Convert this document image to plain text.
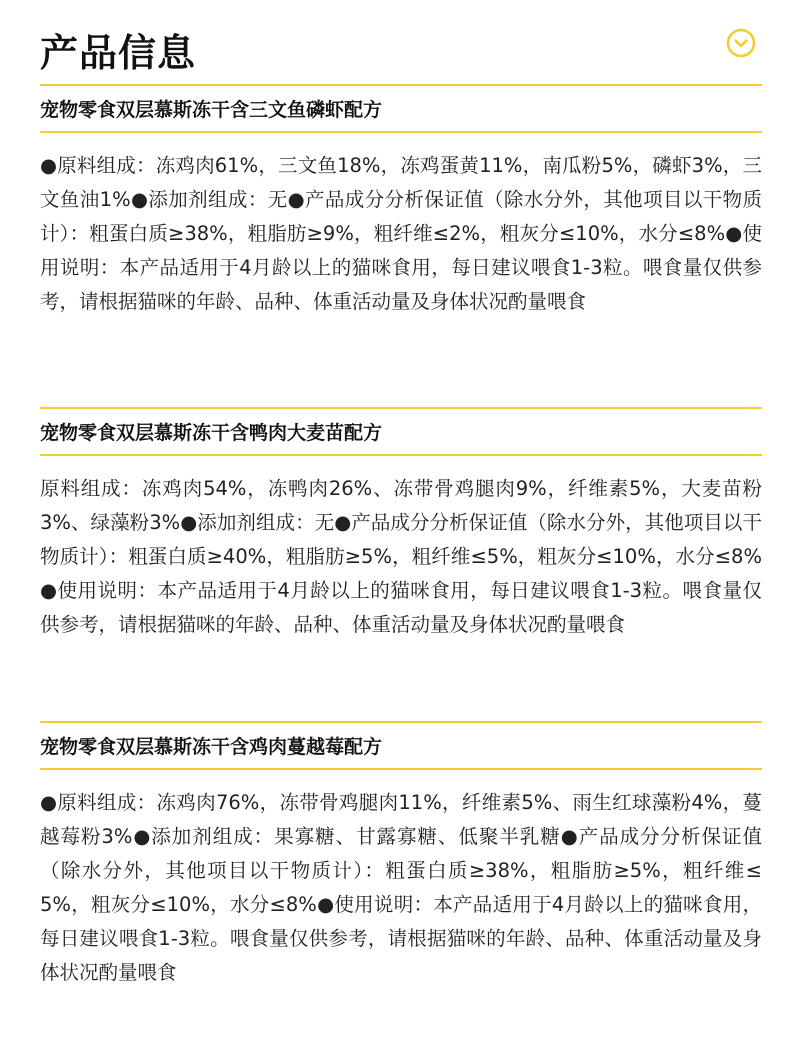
产品信息
宠物零食双层慕斯冻干含三文鱼磷虾配方
●原料组成：冻鸡肉61%，三文鱼18%，冻鸡蛋黄11%，南瓜粉5%，磷虾3%，三文鱼油1%●添加剂组成：无●产品成分分析保证值（除水分外，其他项目以干物质计）：粗蛋白质≥38%，粗脂肪≥9%，粗纤维≤2%，粗灰分≤10%，水分≤8%●使用说明：本产品适用于4月龄以上的猫咪食用，每日建议喂食1-3粒。喂食量仅供参考，请根据猫咪的年龄、品种、体重活动量及身体状况酌量喂食
宠物零食双层慕斯冻干含鸭肉大麦苗配方
原料组成：冻鸡肉54%，冻鸭肉26%、冻带骨鸡腿肉9%，纤维素5%，大麦苗粉3%、绿藻粉3%●添加剂组成：无●产品成分分析保证值（除水分外，其他项目以干物质计）：粗蛋白质≥40%，粗脂肪≥5%，粗纤维≤5%，粗灰分≤10%，水分≤8%●使用说明：本产品适用于4月龄以上的猫咪食用，每日建议喂食1-3粒。喂食量仅供参考，请根据猫咪的年龄、品种、体重活动量及身体状况酌量喂食
宠物零食双层慕斯冻干含鸡肉蔓越莓配方
●原料组成：冻鸡肉76%，冻带骨鸡腿肉11%，纤维素5%、雨生红球藻粉4%，蔓越莓粉3%●添加剂组成：果寡糖、甘露寡糖、低聚半乳糖●产品成分分析保证值（除水分外，其他项目以干物质计）：粗蛋白质≥38%，粗脂肪≥5%，粗纤维≤5%，粗灰分≤10%，水分≤8%●使用说明：本产品适用于4月龄以上的猫咪食用，每日建议喂食1-3粒。喂食量仅供参考，请根据猫咪的年龄、品种、体重活动量及身体状况酌量喂食
